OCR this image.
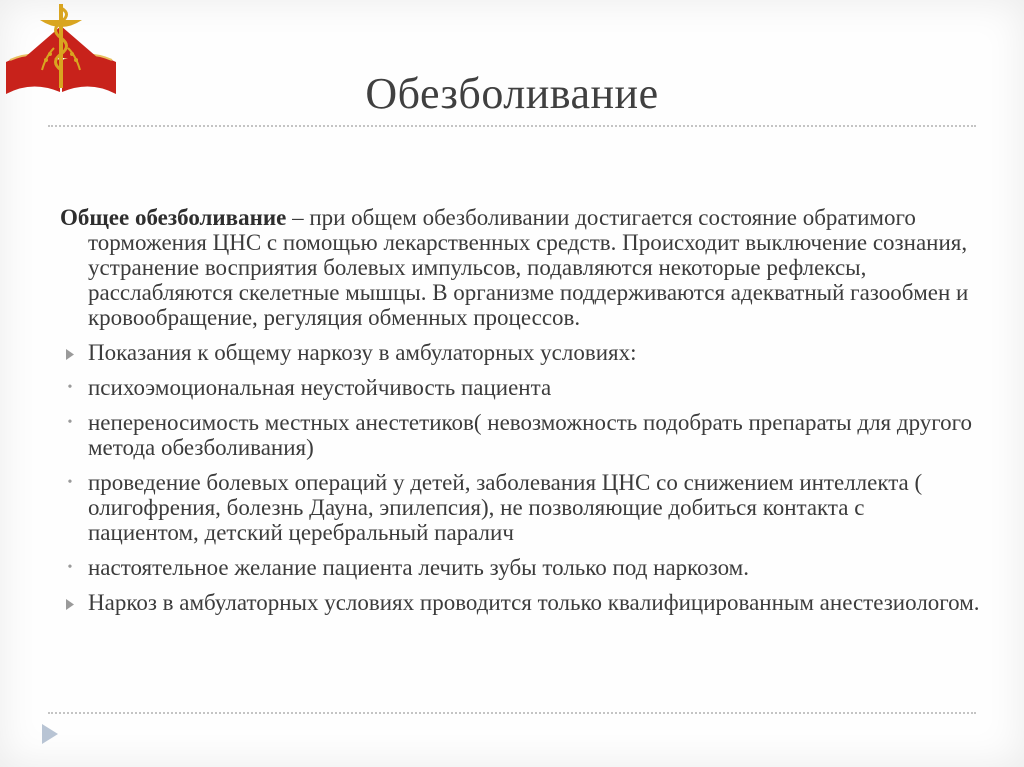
Обезболивание

Общее обезболивание – при общем обезболивании достигается состояние обратимого торможения ЦНС с помощью лекарственных средств. Происходит выключение сознания, устранение восприятия болевых импульсов, подавляются некоторые рефлексы, расслабляются скелетные мышцы. В организме поддерживаются адекватный газообмен и кровообращение, регуляция обменных процессов.

Показания к общему наркозу в амбулаторных условиях:
• психоэмоциональная неустойчивость пациента
• непереносимость местных анестетиков( невозможность подобрать препараты для другого метода обезболивания)
• проведение болевых операций у детей, заболевания ЦНС со снижением интеллекта ( олигофрения, болезнь Дауна, эпилепсия), не позволяющие добиться контакта с пациентом, детский церебральный паралич
• настоятельное желание пациента лечить зубы только под наркозом.
Наркоз в амбулаторных условиях проводится только квалифицированным анестезиологом.
